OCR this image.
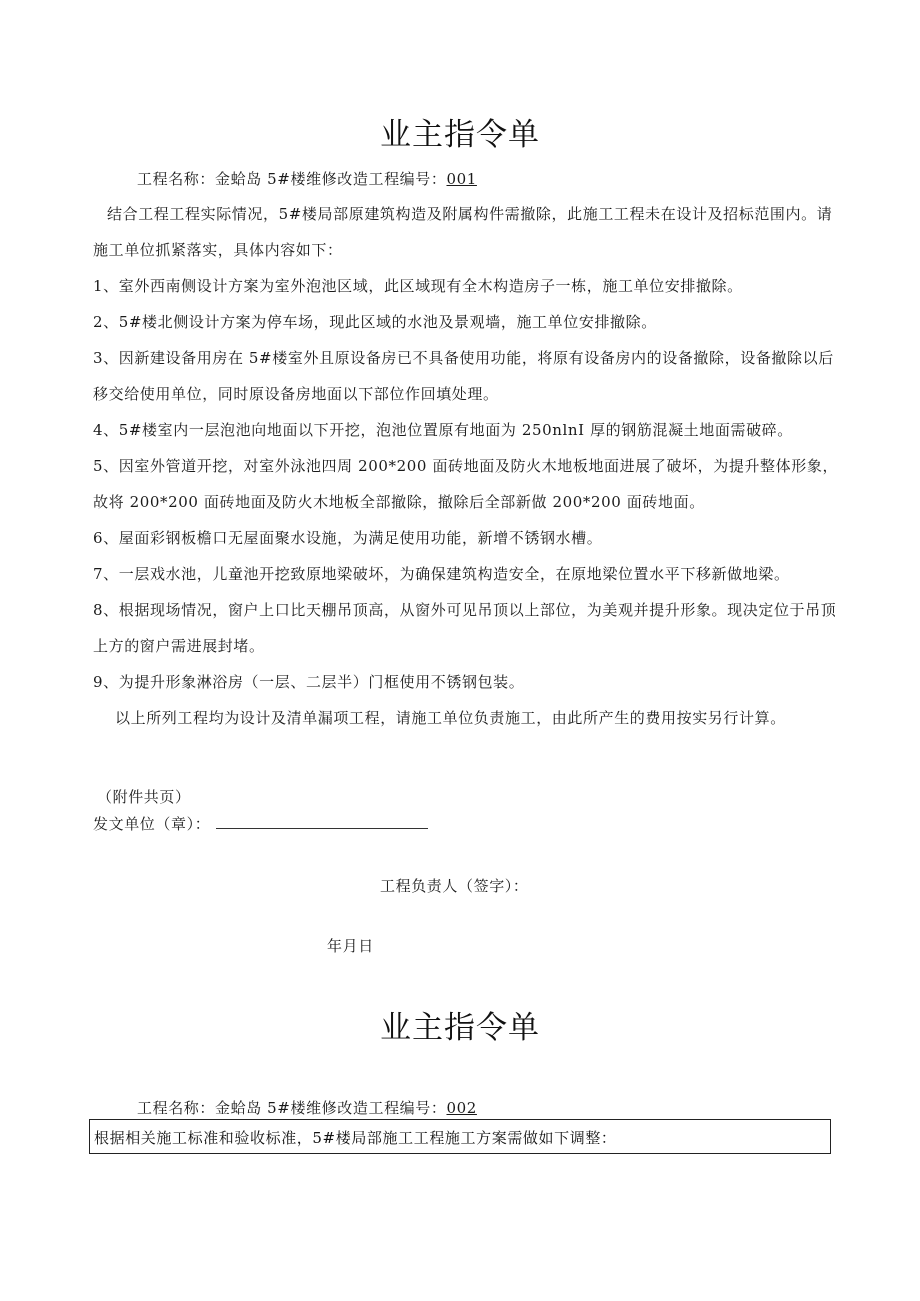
业主指令单
工程名称：金蛤岛 5#楼维修改造工程编号：001

结合工程工程实际情况，5#楼局部原建筑构造及附属构件需撤除，此施工工程未在设计及招标范围内。请施工单位抓紧落实，具体内容如下：

1、室外西南侧设计方案为室外泡池区域，此区域现有全木构造房子一栋，施工单位安排撤除。

2、5#楼北侧设计方案为停车场，现此区域的水池及景观墙，施工单位安排撤除。

3、因新建设备用房在 5#楼室外且原设备房已不具备使用功能，将原有设备房内的设备撤除，设备撤除以后移交给使用单位，同时原设备房地面以下部位作回填处理。

4、5#楼室内一层泡池向地面以下开挖，泡池位置原有地面为 250nlnI 厚的钢筋混凝土地面需破碎。

5、因室外管道开挖，对室外泳池四周 200*200 面砖地面及防火木地板地面进展了破坏，为提升整体形象，故将 200*200 面砖地面及防火木地板全部撤除，撤除后全部新做 200*200 面砖地面。

6、屋面彩钢板檐口无屋面聚水设施，为满足使用功能，新增不锈钢水槽。

7、一层戏水池，儿童池开挖致原地梁破坏，为确保建筑构造安全，在原地梁位置水平下移新做地梁。

8、根据现场情况，窗户上口比天棚吊顶高，从窗外可见吊顶以上部位，为美观并提升形象。现决定位于吊顶上方的窗户需进展封堵。

9、为提升形象淋浴房（一层、二层半）门框使用不锈钢包装。

以上所列工程均为设计及清单漏项工程，请施工单位负责施工，由此所产生的费用按实另行计算。

（附件共页）
发文单位（章）：
工程负责人（签字）：
年月日
业主指令单
工程名称：金蛤岛 5#楼维修改造工程编号：002
根据相关施工标准和验收标准，5#楼局部施工工程施工方案需做如下调整：
